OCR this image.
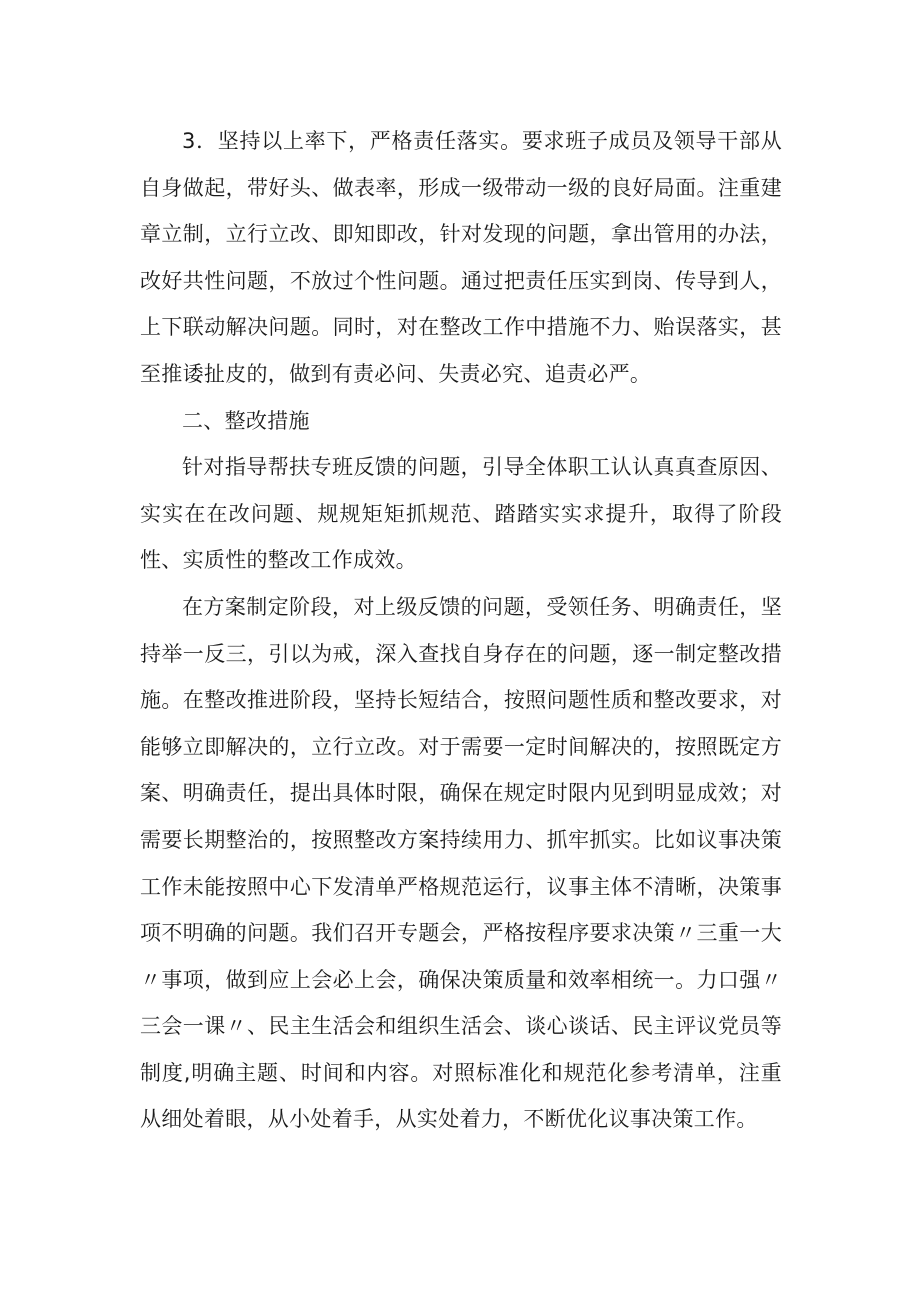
3．坚持以上率下，严格责任落实。要求班子成员及领导干部从自身做起，带好头、做表率，形成一级带动一级的良好局面。注重建章立制，立行立改、即知即改，针对发现的问题，拿出管用的办法，改好共性问题，不放过个性问题。通过把责任压实到岗、传导到人，上下联动解决问题。同时，对在整改工作中措施不力、贻误落实，甚至推诿扯皮的，做到有责必问、失责必究、追责必严。

二、整改措施

针对指导帮扶专班反馈的问题，引导全体职工认认真真查原因、实实在在改问题、规规矩矩抓规范、踏踏实实求提升，取得了阶段性、实质性的整改工作成效。

在方案制定阶段，对上级反馈的问题，受领任务、明确责任，坚持举一反三，引以为戒，深入查找自身存在的问题，逐一制定整改措施。在整改推进阶段，坚持长短结合，按照问题性质和整改要求，对能够立即解决的，立行立改。对于需要一定时间解决的，按照既定方案、明确责任，提出具体时限，确保在规定时限内见到明显成效；对需要长期整治的，按照整改方案持续用力、抓牢抓实。比如议事决策工作未能按照中心下发清单严格规范运行，议事主体不清晰，决策事项不明确的问题。我们召开专题会，严格按程序要求决策〃三重一大〃事项，做到应上会必上会，确保决策质量和效率相统一。力口强〃三会一课〃、民主生活会和组织生活会、谈心谈话、民主评议党员等制度,明确主题、时间和内容。对照标准化和规范化参考清单，注重从细处着眼，从小处着手，从实处着力，不断优化议事决策工作。
